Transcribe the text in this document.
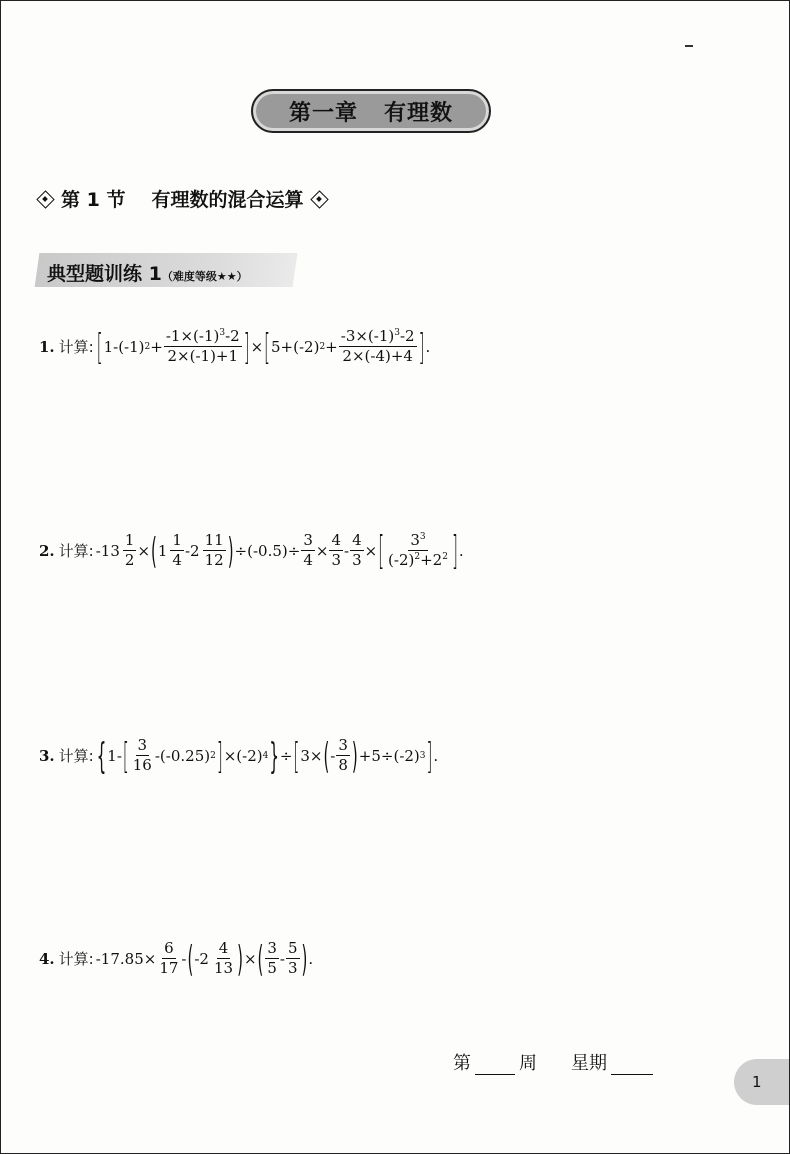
第一章   有理数
第 1 节 有理数的混合运算
典型题训练 1（难度等级★★）
1. 计算: [ 1-(-1) $2 + \frac{-1\times(-1)^3-2}{2\times(-1)+1}$ ] × [ 5+(-2) $2 + \frac{-3\times(-1)^3-2}{2\times(-4)+4}$ ] .
2. 计算: $-13 \frac{1}{2}$ × ( $1 \frac{1}{4} -2 \frac{11}{12}$ ) $\div(-0.5)\div \frac{3}{4} \times \frac{4}{3} - \frac{4}{3}$ × [ $\frac{3^3}{(-2)^2+2^2}$ ] .
3. 计算: { 1- [ $\frac{3}{16} -(-0.25)$ 2 ] ×(-2) 4 } ÷ [ 3× ( - $\frac{3}{8}$ ) +5÷(-2) 3 ] .
4. 计算: $-17.85\times \frac{6}{17}$ - ( $-2 \frac{4}{13}$ ) × ( $\frac{3}{5} - \frac{5}{3}$ ) .
第	周 星期
1
